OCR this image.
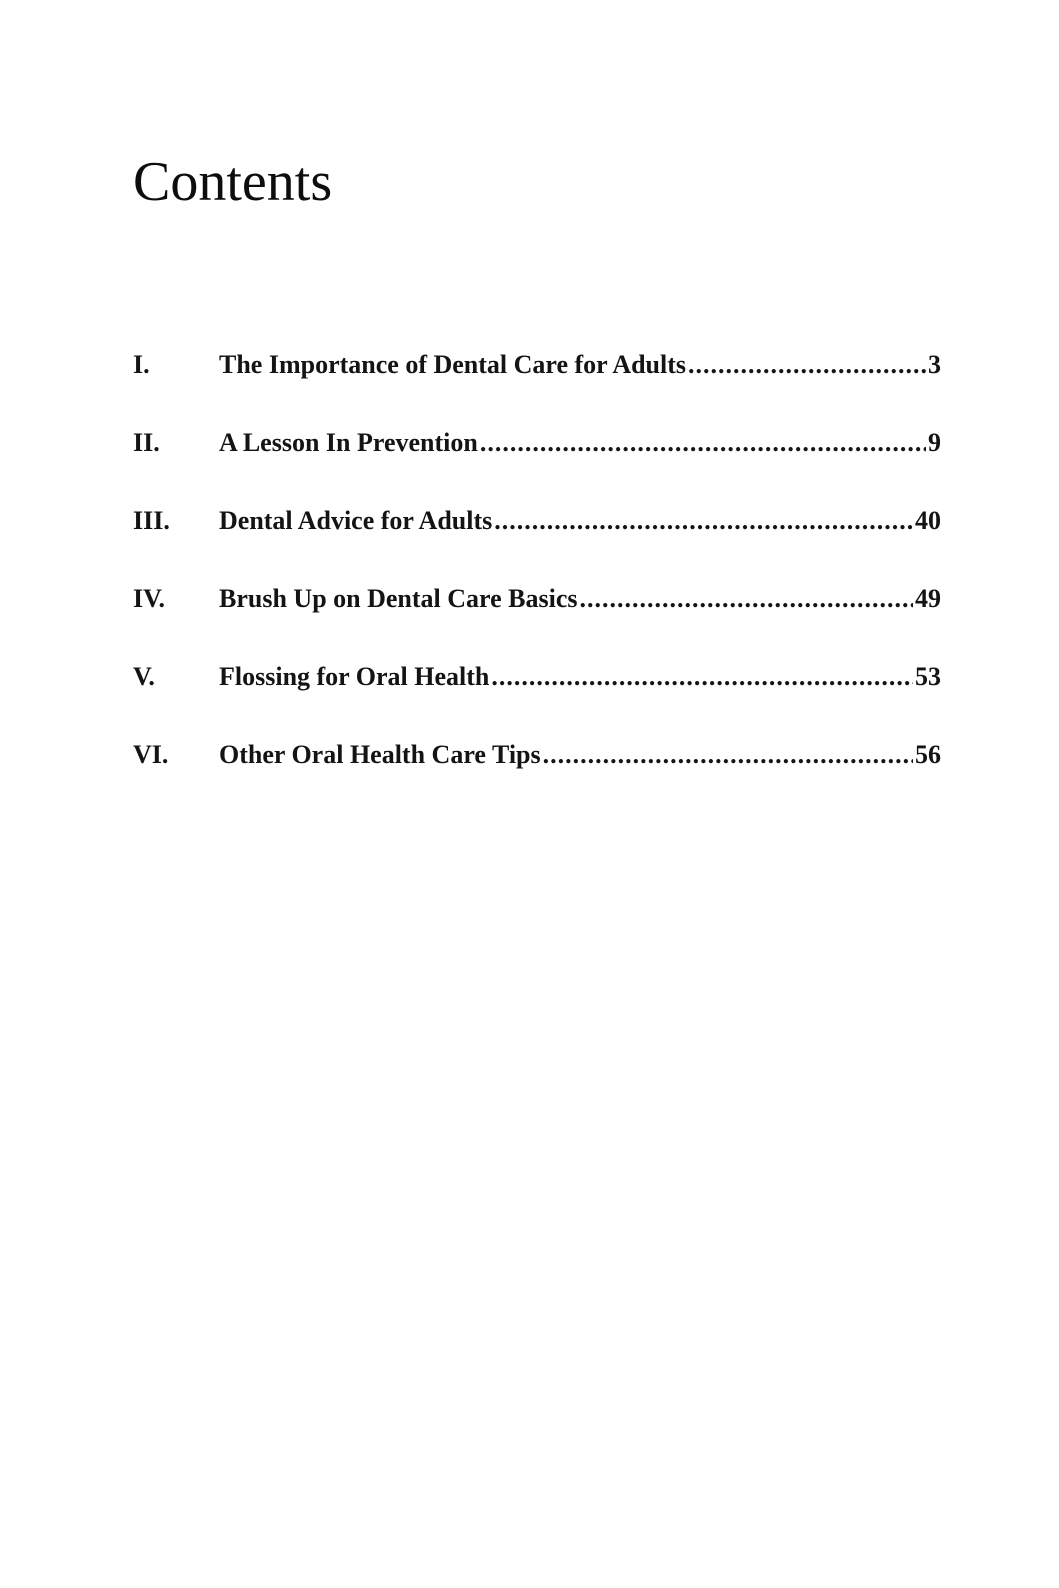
Contents
I.	The Importance of Dental Care for Adults .....	3
II.	A Lesson In Prevention .....	9
III.	Dental Advice for Adults .....	40
IV.	Brush Up on Dental Care Basics .....	49
V.	Flossing for Oral Health .....	53
VI.	Other Oral Health Care Tips .....	56
